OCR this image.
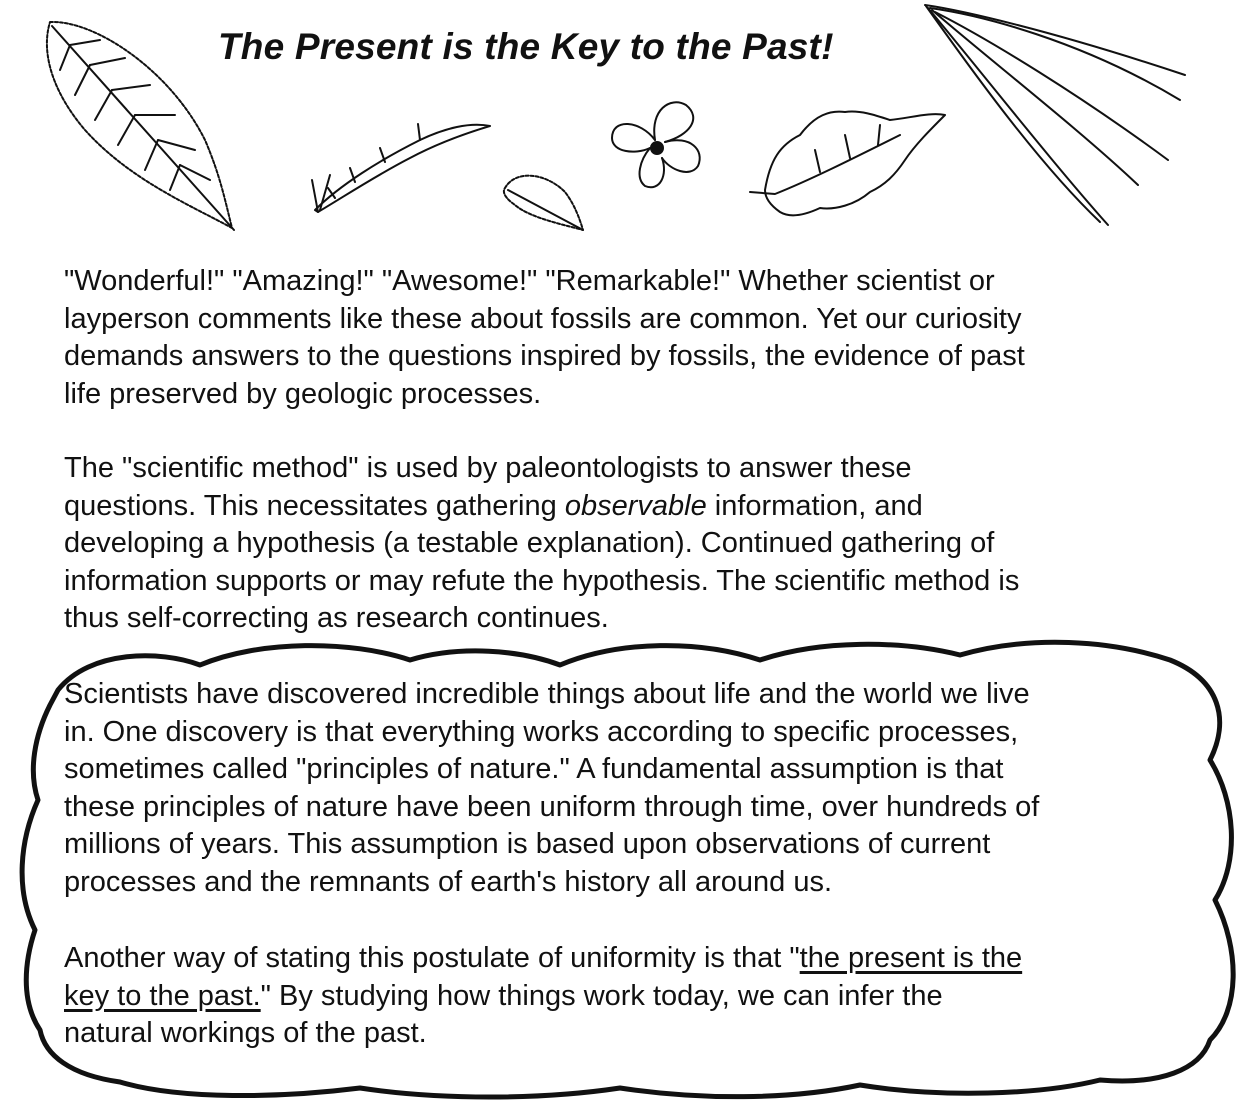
The Present is the Key to the Past!

"Wonderful!" "Amazing!" "Awesome!" "Remarkable!" Whether scientist or
layperson comments like these about fossils are common. Yet our curiosity
demands answers to the questions inspired by fossils, the evidence of past
life preserved by geologic processes.

The "scientific method" is used by paleontologists to answer these
questions. This necessitates gathering observable information, and
developing a hypothesis (a testable explanation). Continued gathering of
information supports or may refute the hypothesis. The scientific method is
thus self-correcting as research continues.

Scientists have discovered incredible things about life and the world we live
in. One discovery is that everything works according to specific processes,
sometimes called "principles of nature." A fundamental assumption is that
these principles of nature have been uniform through time, over hundreds of
millions of years. This assumption is based upon observations of current
processes and the remnants of earth's history all around us.

Another way of stating this postulate of uniformity is that "the present is the
key to the past." By studying how things work today, we can infer the
natural workings of the past.
